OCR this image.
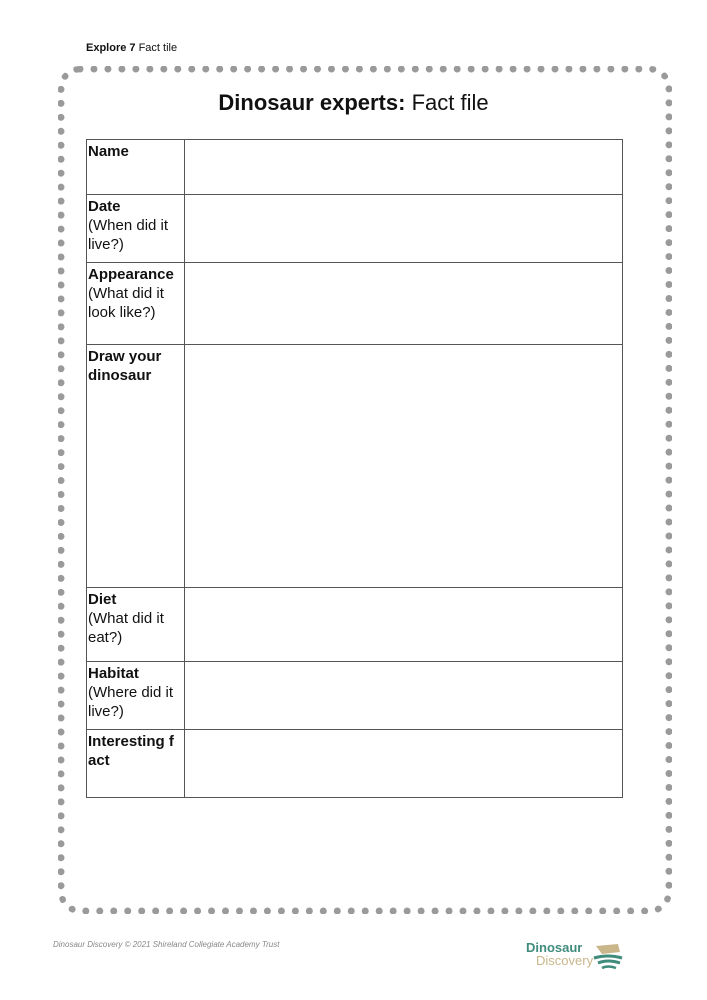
Explore 7 Fact tile
Dinosaur experts: Fact file
Name	

Date
(When did it live?)	

Appearance
(What did it look like?)	

Draw your dinosaur	

Diet
(What did it eat?)	

Habitat
(Where did it live?)	

Interesting f act	

Dinosaur Discovery © 2021 Shireland Collegiate Academy Trust	Dinosaur
Discovery
